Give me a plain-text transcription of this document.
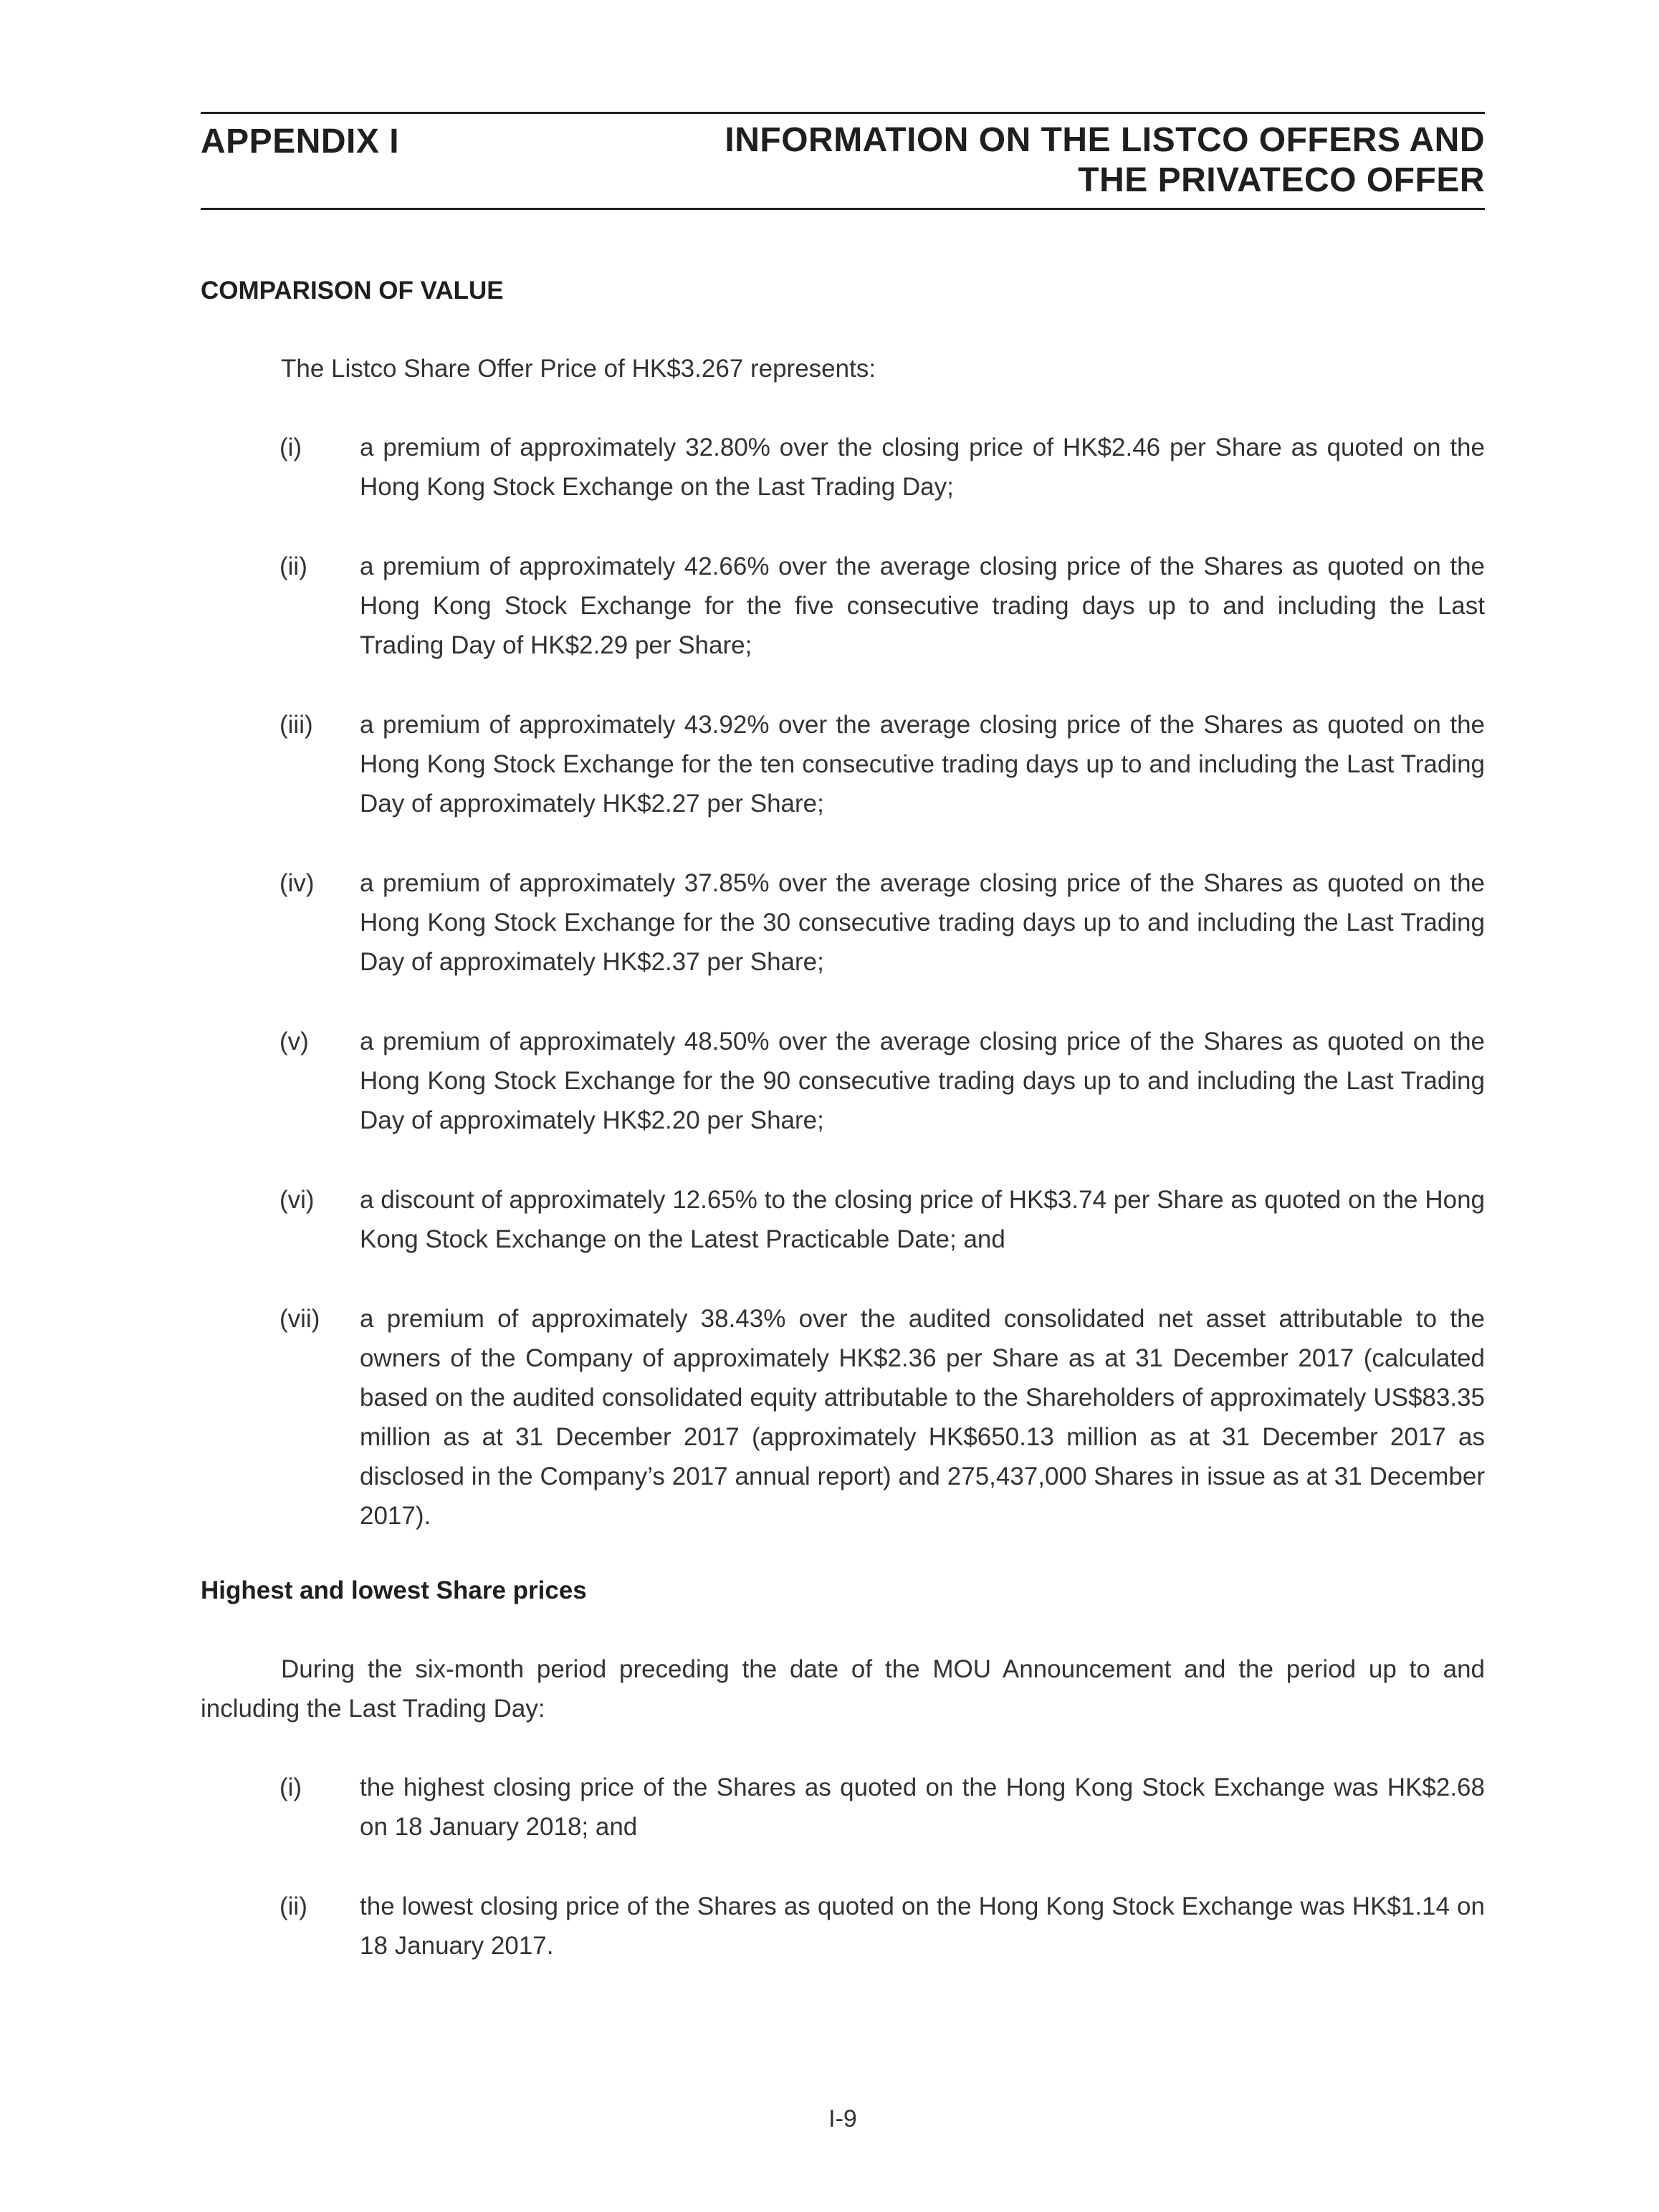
APPENDIX I	INFORMATION ON THE LISTCO OFFERS AND
THE PRIVATECO OFFER
COMPARISON OF VALUE
The Listco Share Offer Price of HK$3.267 represents:
(i) a premium of approximately 32.80% over the closing price of HK$2.46 per Share as quoted on the Hong Kong Stock Exchange on the Last Trading Day;
(ii) a premium of approximately 42.66% over the average closing price of the Shares as quoted on the Hong Kong Stock Exchange for the five consecutive trading days up to and including the Last Trading Day of HK$2.29 per Share;
(iii) a premium of approximately 43.92% over the average closing price of the Shares as quoted on the Hong Kong Stock Exchange for the ten consecutive trading days up to and including the Last Trading Day of approximately HK$2.27 per Share;
(iv) a premium of approximately 37.85% over the average closing price of the Shares as quoted on the Hong Kong Stock Exchange for the 30 consecutive trading days up to and including the Last Trading Day of approximately HK$2.37 per Share;
(v) a premium of approximately 48.50% over the average closing price of the Shares as quoted on the Hong Kong Stock Exchange for the 90 consecutive trading days up to and including the Last Trading Day of approximately HK$2.20 per Share;
(vi) a discount of approximately 12.65% to the closing price of HK$3.74 per Share as quoted on the Hong Kong Stock Exchange on the Latest Practicable Date; and
(vii) a premium of approximately 38.43% over the audited consolidated net asset attributable to the owners of the Company of approximately HK$2.36 per Share as at 31 December 2017 (calculated based on the audited consolidated equity attributable to the Shareholders of approximately US$83.35 million as at 31 December 2017 (approximately HK$650.13 million as at 31 December 2017 as disclosed in the Company’s 2017 annual report) and 275,437,000 Shares in issue as at 31 December 2017).
Highest and lowest Share prices
During the six-month period preceding the date of the MOU Announcement and the period up to and including the Last Trading Day:
(i) the highest closing price of the Shares as quoted on the Hong Kong Stock Exchange was HK$2.68 on 18 January 2018; and
(ii) the lowest closing price of the Shares as quoted on the Hong Kong Stock Exchange was HK$1.14 on 18 January 2017.
I-9
